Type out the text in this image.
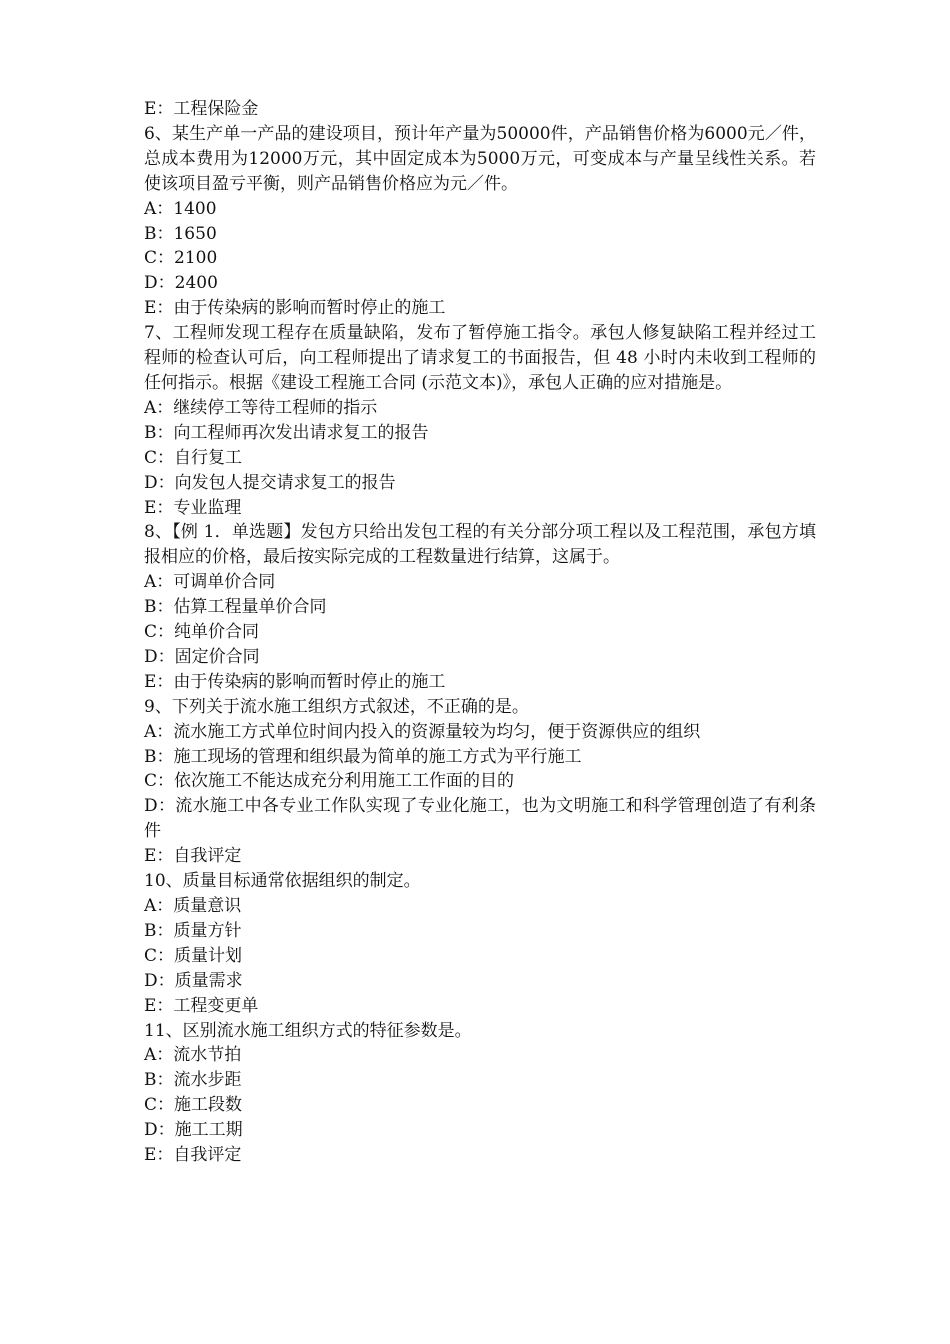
E：工程保险金
6、某生产单一产品的建设项目，预计年产量为50000件，产品销售价格为6000元／件，总成本费用为12000万元，其中固定成本为5000万元，可变成本与产量呈线性关系。若使该项目盈亏平衡，则产品销售价格应为元／件。
A：1400
B：1650
C：2100
D：2400
E：由于传染病的影响而暂时停止的施工
7、工程师发现工程存在质量缺陷，发布了暂停施工指令。承包人修复缺陷工程并经过工程师的检查认可后，向工程师提出了请求复工的书面报告，但 48 小时内未收到工程师的任何指示。根据《建设工程施工合同 (示范文本)》，承包人正确的应对措施是。
A：继续停工等待工程师的指示
B：向工程师再次发出请求复工的报告
C：自行复工
D：向发包人提交请求复工的报告
E：专业监理
8、【例 1．单选题】发包方只给出发包工程的有关分部分项工程以及工程范围，承包方填报相应的价格，最后按实际完成的工程数量进行结算，这属于。
A：可调单价合同
B：估算工程量单价合同
C：纯单价合同
D：固定价合同
E：由于传染病的影响而暂时停止的施工
9、下列关于流水施工组织方式叙述，不正确的是。
A：流水施工方式单位时间内投入的资源量较为均匀，便于资源供应的组织
B：施工现场的管理和组织最为简单的施工方式为平行施工
C：依次施工不能达成充分利用施工工作面的目的
D：流水施工中各专业工作队实现了专业化施工，也为文明施工和科学管理创造了有利条件
E：自我评定
10、质量目标通常依据组织的制定。
A：质量意识
B：质量方针
C：质量计划
D：质量需求
E：工程变更单
11、区别流水施工组织方式的特征参数是。
A：流水节拍
B：流水步距
C：施工段数
D：施工工期
E：自我评定
